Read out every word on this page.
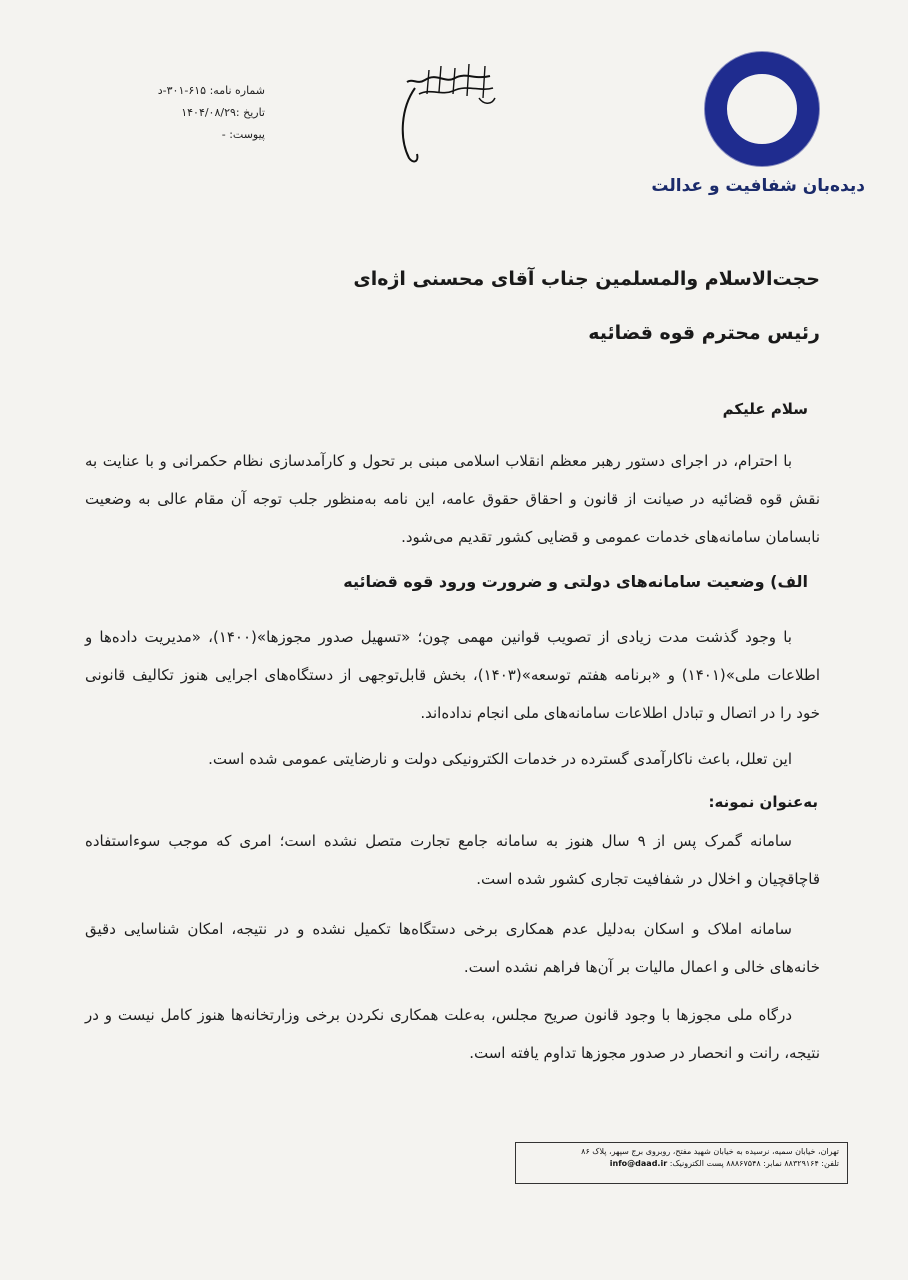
شماره نامه: ۶۱۵-۳۰۱-د
تاریخ :۱۴۰۴/۰۸/۲۹
پیوست: -
دیده‌بان شفافیت و عدالت
حجت‌الاسلام والمسلمین جناب آقای محسنی اژه‌ای
رئیس محترم قوه قضائیه
سلام علیکم

با احترام، در اجرای دستور رهبر معظم انقلاب اسلامی مبنی بر تحول و کارآمدسازی نظام حکمرانی و با عنایت به نقش قوه قضائیه در صیانت از قانون و احقاق حقوق عامه، این نامه به‌منظور جلب توجه آن مقام عالی به وضعیت نابسامان سامانه‌های خدمات عمومی و قضایی کشور تقدیم می‌شود.

الف) وضعیت سامانه‌های دولتی و ضرورت ورود قوه قضائیه

با وجود گذشت مدت زیادی از تصویب قوانین مهمی چون؛ «تسهیل صدور مجوزها»(۱۴۰۰)، «مدیریت داده‌ها و اطلاعات ملی»(۱۴۰۱) و «برنامه هفتم توسعه»(۱۴۰۳)، بخش قابل‌توجهی از دستگاه‌های اجرایی هنوز تکالیف قانونی خود را در اتصال و تبادل اطلاعات سامانه‌های ملی انجام نداده‌اند.

این تعلل، باعث ناکارآمدی گسترده در خدمات الکترونیکی دولت و نارضایتی عمومی شده است.

به‌عنوان نمونه:

سامانه گمرک پس از ۹ سال هنوز به سامانه جامع تجارت متصل نشده است؛ امری که موجب سوءاستفاده قاچاقچیان و اخلال در شفافیت تجاری کشور شده است.

سامانه املاک و اسکان به‌دلیل عدم همکاری برخی دستگاه‌ها تکمیل نشده و در نتیجه، امکان شناسایی دقیق خانه‌های خالی و اعمال مالیات بر آن‌ها فراهم نشده است.

درگاه ملی مجوزها با وجود قانون صریح مجلس، به‌علت همکاری نکردن برخی وزارتخانه‌ها هنوز کامل نیست و در نتیجه، رانت و انحصار در صدور مجوزها تداوم یافته است.

تهران، خیابان سمیه، نرسیده به خیابان شهید مفتح، روبروی برج سپهر، پلاک ۸۶
تلفن: ۸۸۳۲۹۱۶۴ نمابر: ۸۸۸۶۷۵۴۸ پست الکترونیک: info@daad.ir
